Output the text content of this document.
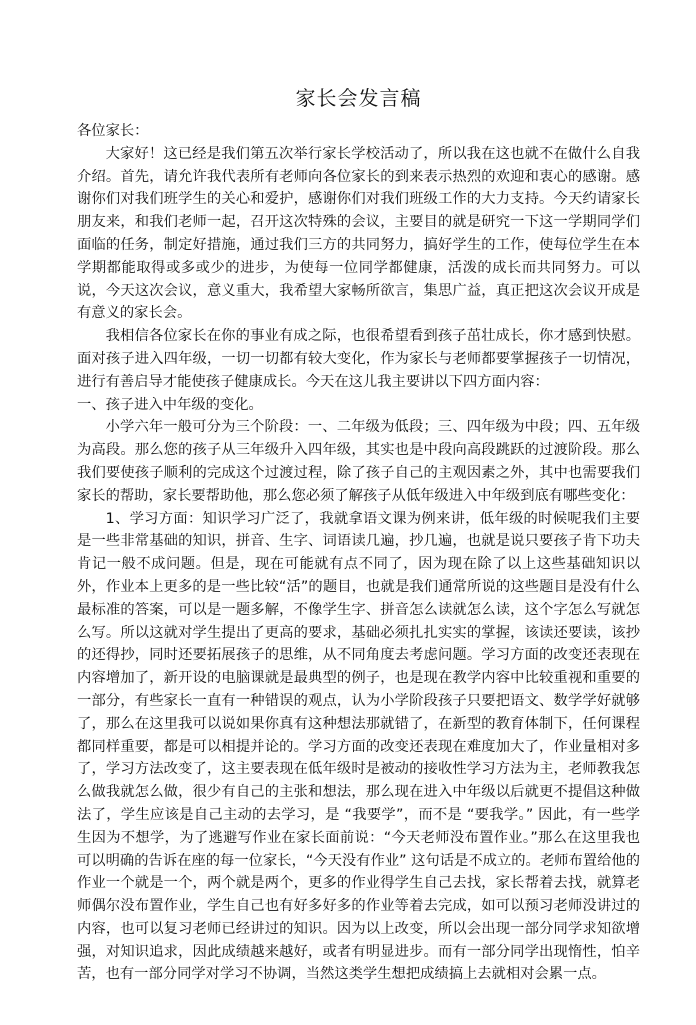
家长会发言稿

各位家长：

大家好！这已经是我们第五次举行家长学校活动了，所以我在这也就不在做什么自我介绍。首先，请允许我代表所有老师向各位家长的到来表示热烈的欢迎和衷心的感谢。感谢你们对我们班学生的关心和爱护，感谢你们对我们班级工作的大力支持。今天约请家长朋友来，和我们老师一起，召开这次特殊的会议，主要目的就是研究一下这一学期同学们面临的任务，制定好措施，通过我们三方的共同努力，搞好学生的工作，使每位学生在本学期都能取得或多或少的进步，为使每一位同学都健康，活泼的成长而共同努力。可以说，今天这次会议，意义重大，我希望大家畅所欲言，集思广益，真正把这次会议开成是有意义的家长会。

我相信各位家长在你的事业有成之际，也很希望看到孩子茁壮成长，你才感到快慰。面对孩子进入四年级，一切一切都有较大变化，作为家长与老师都要掌握孩子一切情况，进行有善启导才能使孩子健康成长。今天在这儿我主要讲以下四方面内容：

一、孩子进入中年级的变化。

小学六年一般可分为三个阶段：一、二年级为低段；三、四年级为中段；四、五年级为高段。那么您的孩子从三年级升入四年级，其实也是中段向高段跳跃的过渡阶段。那么我们要使孩子顺利的完成这个过渡过程，除了孩子自己的主观因素之外，其中也需要我们家长的帮助，家长要帮助他，那么您必须了解孩子从低年级进入中年级到底有哪些变化：

1、学习方面：知识学习广泛了，我就拿语文课为例来讲，低年级的时候呢我们主要是一些非常基础的知识，拼音、生字、词语读几遍，抄几遍，也就是说只要孩子肯下功夫肯记一般不成问题。但是，现在可能就有点不同了，因为现在除了以上这些基础知识以外，作业本上更多的是一些比较“活”的题目，也就是我们通常所说的这些题目是没有什么最标准的答案，可以是一题多解，不像学生字、拼音怎么读就怎么读，这个字怎么写就怎么写。所以这就对学生提出了更高的要求，基础必须扎扎实实的掌握，该读还要读，该抄的还得抄，同时还要拓展孩子的思维，从不同角度去考虑问题。学习方面的改变还表现在内容增加了，新开设的电脑课就是最典型的例子，也是现在教学内容中比较重视和重要的一部分，有些家长一直有一种错误的观点，认为小学阶段孩子只要把语文、数学学好就够了，那么在这里我可以说如果你真有这种想法那就错了，在新型的教育体制下，任何课程都同样重要，都是可以相提并论的。学习方面的改变还表现在难度加大了，作业量相对多了，学习方法改变了，这主要表现在低年级时是被动的接收性学习方法为主，老师教我怎么做我就怎么做，很少有自己的主张和想法，那么现在进入中年级以后就更不提倡这种做法了，学生应该是自己主动的去学习，是 “我要学”，而不是 “要我学。” 因此，有一些学生因为不想学，为了逃避写作业在家长面前说：“今天老师没布置作业。”那么在这里我也可以明确的告诉在座的每一位家长，“今天没有作业” 这句话是不成立的。老师布置给他的作业一个就是一个，两个就是两个，更多的作业得学生自己去找，家长帮着去找，就算老师偶尔没布置作业，学生自己也有好多好多的作业等着去完成，如可以预习老师没讲过的内容，也可以复习老师已经讲过的知识。因为以上改变，所以会出现一部分同学求知欲增强，对知识追求，因此成绩越来越好，或者有明显进步。而有一部分同学出现惰性，怕辛苦，也有一部分同学对学习不协调，当然这类学生想把成绩搞上去就相对会累一点。
